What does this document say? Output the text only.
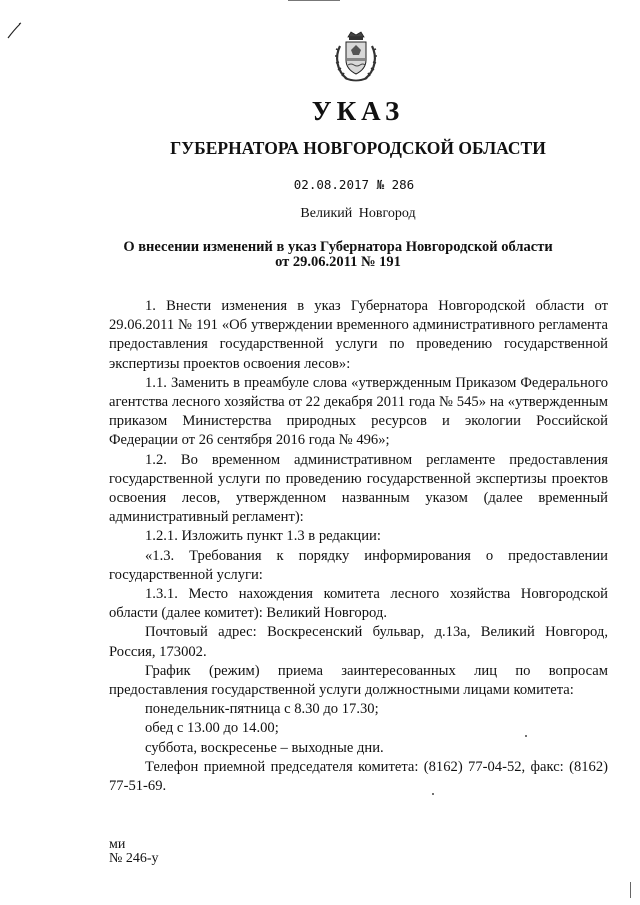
УКАЗ
ГУБЕРНАТОРА НОВГОРОДСКОЙ ОБЛАСТИ
02.08.2017 № 286
Великий Новгород
О внесении изменений в указ Губернатора Новгородской области
от 29.06.2011 № 191

1. Внести изменения в указ Губернатора Новгородской области от 29.06.2011 № 191 «Об утверждении временного административного регламента предоставления государственной услуги по проведению государственной экспертизы проектов освоения лесов»:

1.1. Заменить в преамбуле слова «утвержденным Приказом Федерального агентства лесного хозяйства от 22 декабря 2011 года № 545» на «утвержденным приказом Министерства природных ресурсов и экологии Российской Федерации от 26 сентября 2016 года № 496»;

1.2. Во временном административном регламенте предоставления государственной услуги по проведению государственной экспертизы проектов освоения лесов, утвержденном названным указом (далее временный административный регламент):

1.2.1. Изложить пункт 1.3 в редакции:

«1.3. Требования к порядку информирования о предоставлении государственной услуги:

1.3.1. Место нахождения комитета лесного хозяйства Новгородской области (далее комитет): Великий Новгород.

Почтовый адрес: Воскресенский бульвар, д.13а, Великий Новгород, Россия, 173002.

График (режим) приема заинтересованных лиц по вопросам предоставления государственной услуги должностными лицами комитета:

понедельник-пятница с 8.30 до 17.30;

обед с 13.00 до 14.00;

суббота, воскресенье – выходные дни.

Телефон приемной председателя комитета: (8162) 77-04-52, факс: (8162) 77-51-69.

ми
№ 246-у
